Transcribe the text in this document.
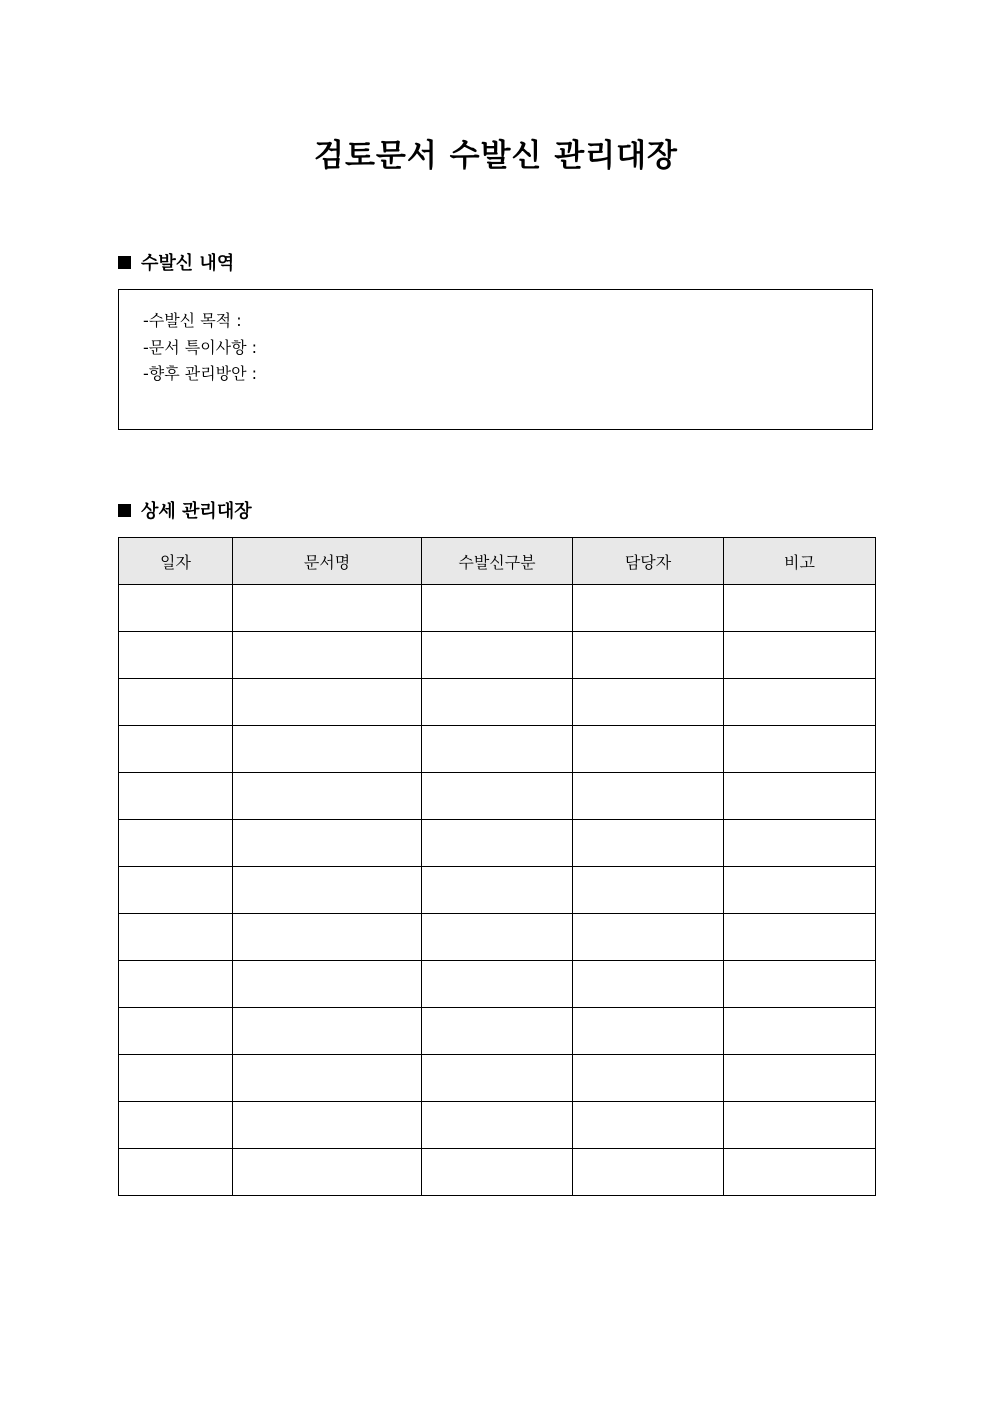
검토문서 수발신 관리대장
수발신 내역
-수발신 목적 :
-문서 특이사항 :
-향후 관리방안 :
상세 관리대장
일자	문서명	수발신구분	담당자	비고
